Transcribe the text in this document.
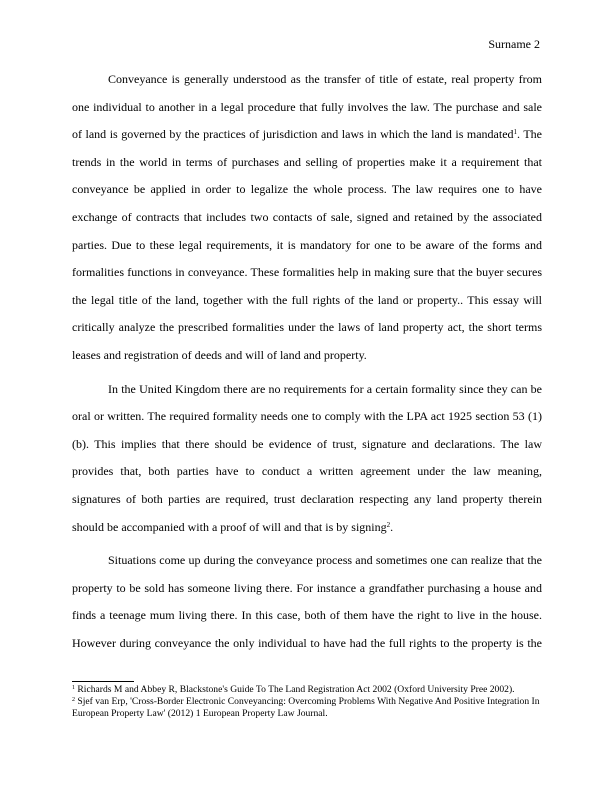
Surname 2
Conveyance is generally understood as the transfer of title of estate, real property from
one individual to another in a legal procedure that fully involves the law. The purchase and sale
of land is governed by the practices of jurisdiction and laws in which the land is mandated$^1$. The
trends in the world in terms of purchases and selling of properties make it a requirement that
conveyance be applied in order to legalize the whole process. The law requires one to have
exchange of contracts that includes two contacts of sale, signed and retained by the associated
parties. Due to these legal requirements, it is mandatory for one to be aware of the forms and
formalities functions in conveyance. These formalities help in making sure that the buyer secures
the legal title of the land, together with the full rights of the land or property.. This essay will
critically analyze the prescribed formalities under the laws of land property act, the short terms
leases and registration of deeds and will of land and property.
In the United Kingdom there are no requirements for a certain formality since they can be
oral or written. The required formality needs one to comply with the LPA act 1925 section 53 (1)
(b). This implies that there should be evidence of trust, signature and declarations. The law
provides that, both parties have to conduct a written agreement under the law meaning,
signatures of both parties are required, trust declaration respecting any land property therein
should be accompanied with a proof of will and that is by signing$^2$.
Situations come up during the conveyance process and sometimes one can realize that the
property to be sold has someone living there. For instance a grandfather purchasing a house and
finds a teenage mum living there. In this case, both of them have the right to live in the house.
However during conveyance the only individual to have had the full rights to the property is the
$^1$ Richards M and Abbey R, Blackstone's Guide To The Land Registration Act 2002 (Oxford University Pree 2002).
$^2$ Sjef van Erp, 'Cross-Border Electronic Conveyancing: Overcoming Problems With Negative And Positive Integration In European Property Law' (2012) 1 European Property Law Journal.
